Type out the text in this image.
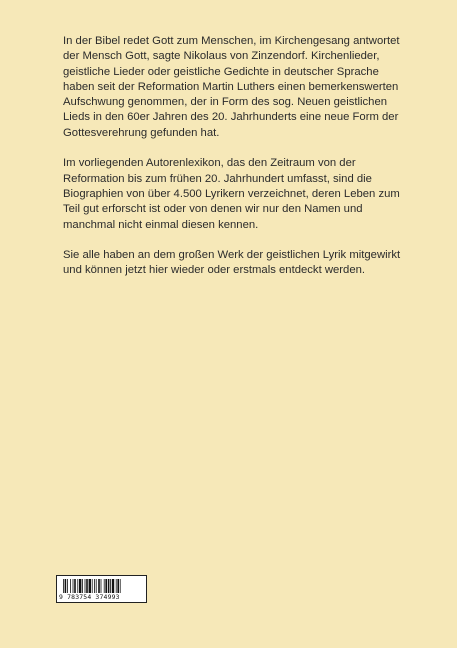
In der Bibel redet Gott zum Menschen, im Kirchengesang antwortet der Mensch Gott, sagte Nikolaus von Zinzendorf. Kirchenlieder, geistliche Lieder oder geistliche Gedichte in deutscher Sprache haben seit der Reformation Martin Luthers einen bemerkenswerten Aufschwung genommen, der in Form des sog. Neuen geistlichen Lieds in den 60er Jahren des 20. Jahrhunderts eine neue Form der Gottesverehrung gefunden hat.

Im vorliegenden Autorenlexikon, das den Zeitraum von der Reformation bis zum frühen 20. Jahrhundert umfasst, sind die Biographien von über 4.500 Lyrikern verzeichnet, deren Leben zum Teil gut erforscht ist oder von denen wir nur den Namen und manchmal nicht einmal diesen kennen.

Sie alle haben an dem großen Werk der geistlichen Lyrik mitgewirkt und können jetzt hier wieder oder erstmals entdeckt werden.

9 783754 374993
